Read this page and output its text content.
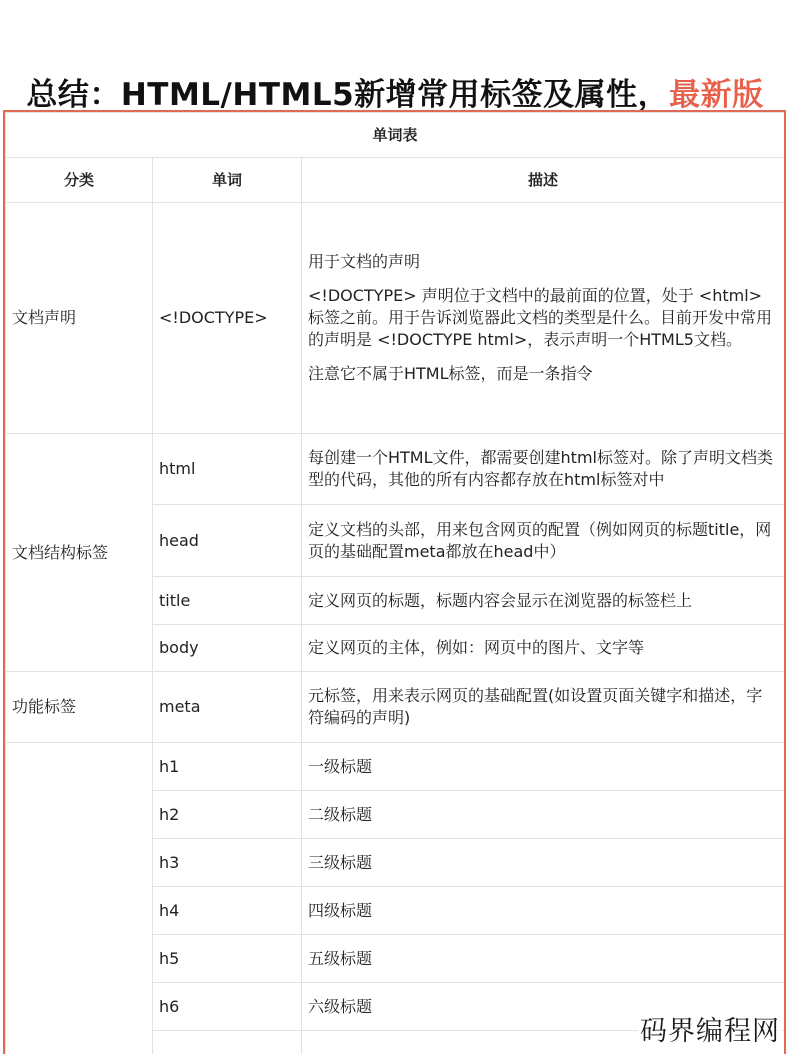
总结：HTML/HTML5新增常用标签及属性，最新版
单词表		
分类	单词	描述
文档声明	<!DOCTYPE>	用于文档的声明

<!DOCTYPE> 声明位于文档中的最前面的位置，处于 <html> 标签之前。用于告诉浏览器此文档的类型是什么。目前开发中常用的声明是 <!DOCTYPE html>，表示声明一个HTML5文档。

注意它不属于HTML标签，而是一条指令

文档结构标签	html	每创建一个HTML文件，都需要创建html标签对。除了声明文档类型的代码，其他的所有内容都存放在html标签对中
	head	定义文档的头部，用来包含网页的配置（例如网页的标题title，网页的基础配置meta都放在head中）
	title	定义网页的标题，标题内容会显示在浏览器的标签栏上
	body	定义网页的主体，例如：网页中的图片、文字等
功能标签	meta	元标签，用来表示网页的基础配置(如设置页面关键字和描述，字符编码的声明)
	h1	一级标题
	h2	二级标题
	h3	三级标题
	h4	四级标题
	h5	五级标题
	h6	六级标题

码界编程网
